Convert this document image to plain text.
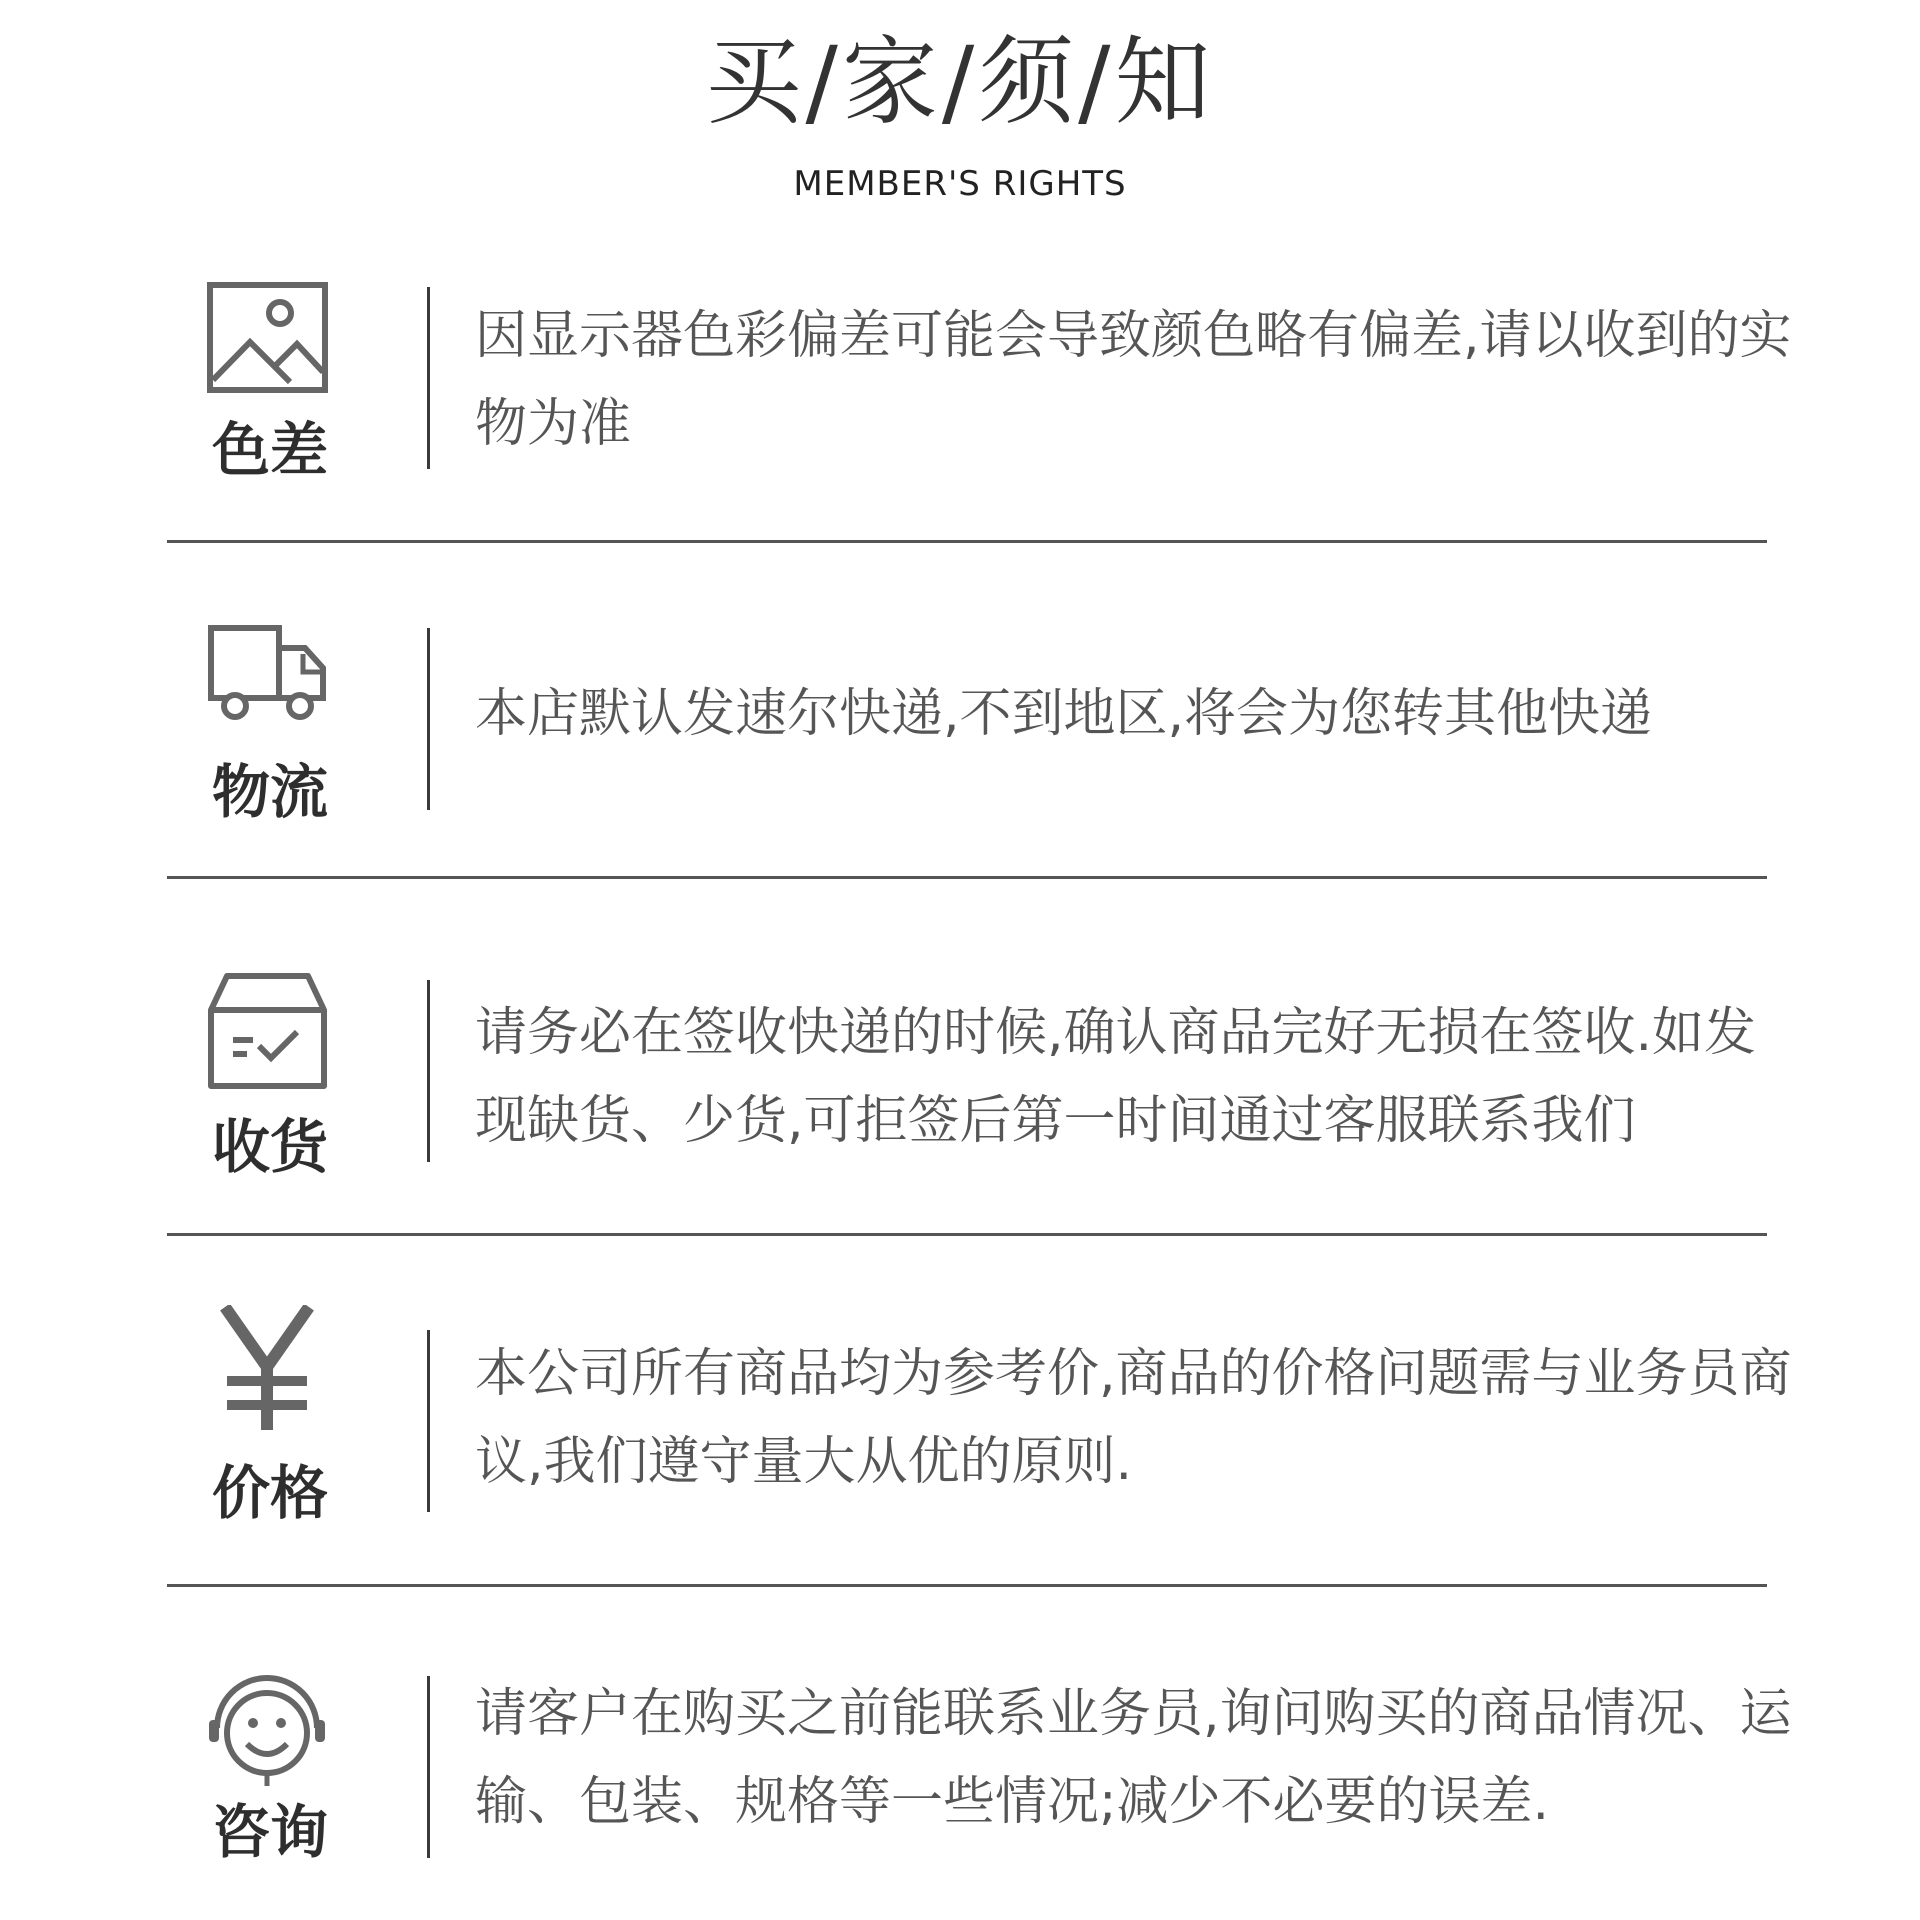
买/家/须/知
MEMBER'S RIGHTS
色差
因显示器色彩偏差可能会导致颜色略有偏差,请以收到的实物为准
物流
本店默认发速尔快递,不到地区,将会为您转其他快递
收货
请务必在签收快递的时候,确认商品完好无损在签收.如发现缺货、少货,可拒签后第一时间通过客服联系我们
价格
本公司所有商品均为参考价,商品的价格问题需与业务员商议,我们遵守量大从优的原则.
咨询
请客户在购买之前能联系业务员,询问购买的商品情况、运输、包装、规格等一些情况;减少不必要的误差.
